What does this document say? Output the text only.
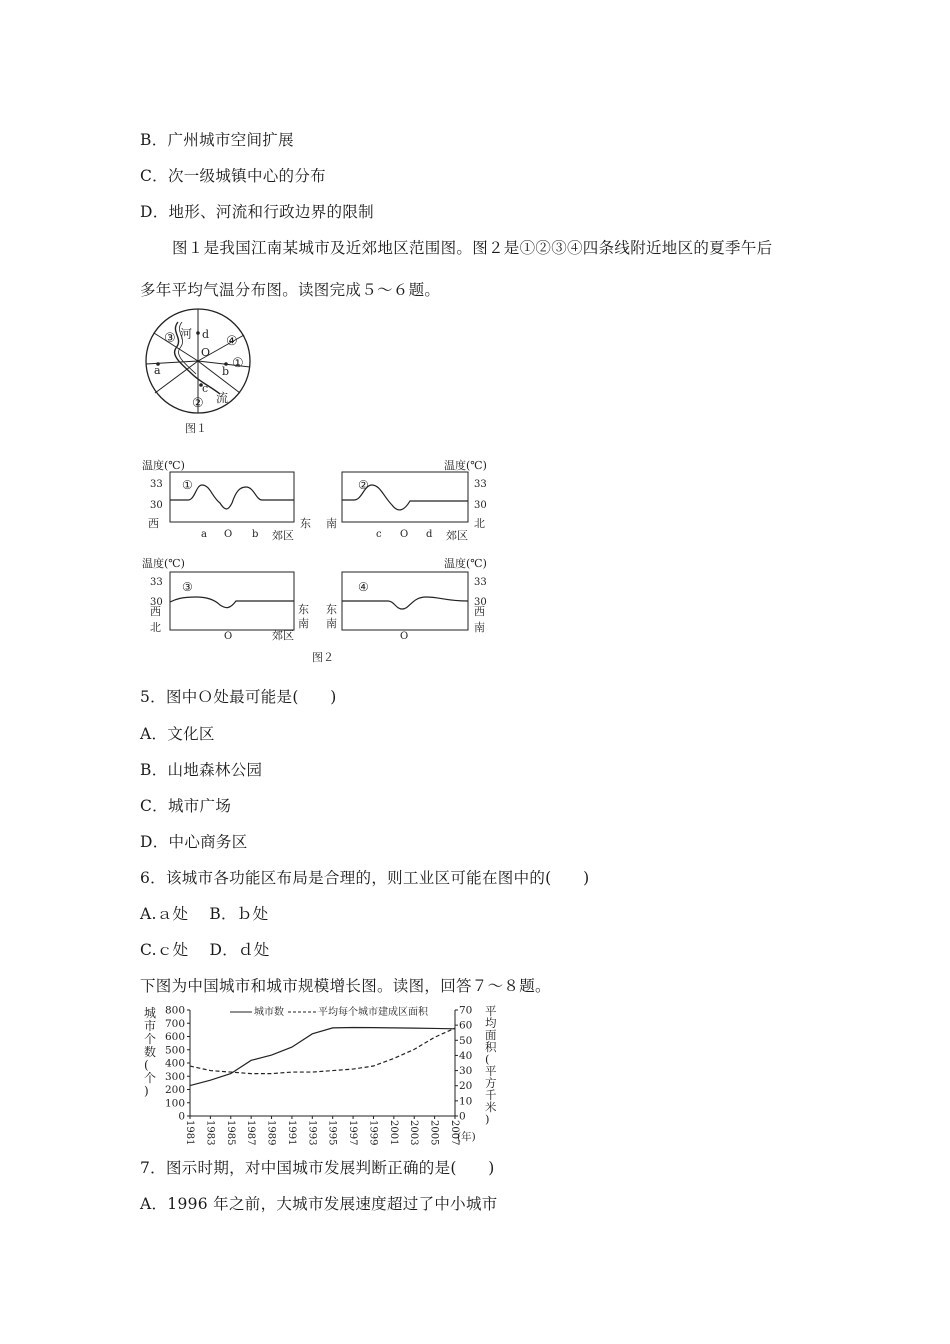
B．广州城市空间扩展
C．次一级城镇中心的分布
D．地形、河流和行政边界的限制
图１是我国江南某城市及近郊地区范围图。图２是①②③④四条线附近地区的夏季午后
多年平均气温分布图。读图完成５～６题。
河 d
O
③	④
①
a	b
c
② 流
图１
温度(℃)
33
30
西
①
东
a O b 郊区
温度(℃)
33
30
北
②
南
c O d 郊区
温度(℃)
33
30
西
北
③
东
南
O	郊区
温度(℃)
33
30
西
南
④
东
南
O
图２
5．图中Ｏ处最可能是(　　)
A．文化区
B．山地森林公园
C．城市广场
D．中心商务区
6．该城市各功能区布局是合理的，则工业区可能在图中的(　　)
A.ａ处　 B．ｂ处
C.ｃ处　 D．ｄ处
下图为中国城市和城市规模增长图。读图，回答７～８题。
0
100
200
300
400
500
600
700
800
0
10
20
30
40
50
60
70
1981 1983 1985 1987 1989 1991 1993 1995 1997 1999 2001 2003 2005 2007
(年)
城
市
个
数
(
个
)
平
均
面
积
(
平
方
千
米
)
城市数	平均每个城市建成区面积
7．图示时期，对中国城市发展判断正确的是(　　)
A．1996 年之前，大城市发展速度超过了中小城市
